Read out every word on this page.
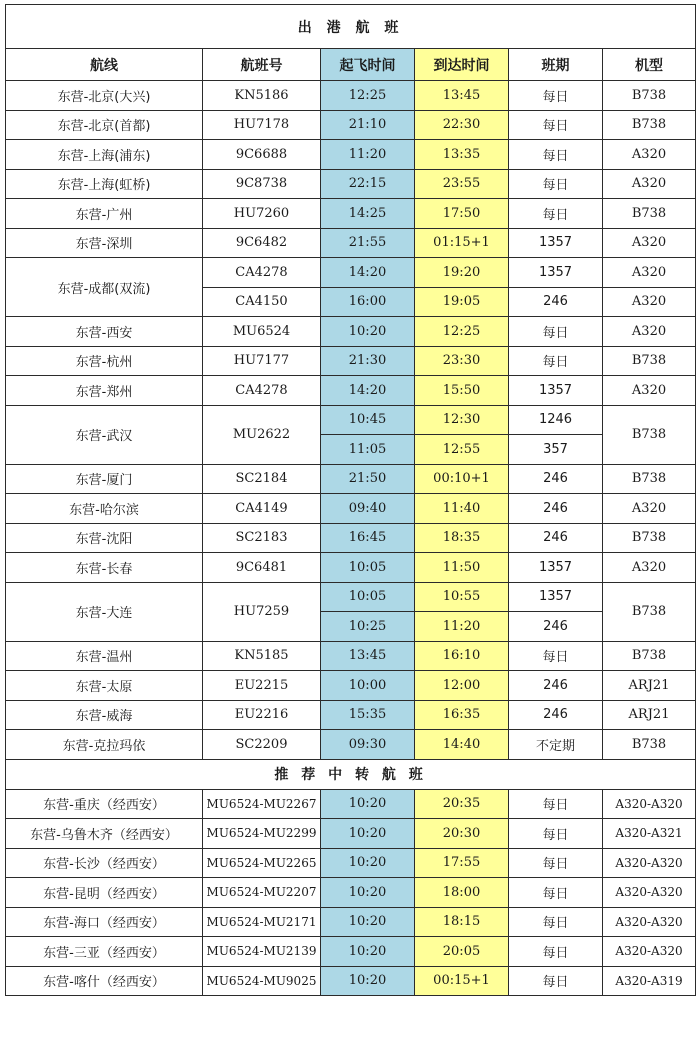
出 港 航 班					
航线	航班号	起飞时间	到达时间	班期	机型
东营-北京(大兴)	KN5186	12:25	13:45	每日	B738
东营-北京(首都)	HU7178	21:10	22:30	每日	B738
东营-上海(浦东)	9C6688	11:20	13:35	每日	A320
东营-上海(虹桥)	9C8738	22:15	23:55	每日	A320
东营-广州	HU7260	14:25	17:50	每日	B738
东营-深圳	9C6482	21:55	01:15+1	1357	A320
东营-成都(双流)	CA4278	14:20	19:20	1357	A320
	CA4150	16:00	19:05	246	A320
东营-西安	MU6524	10:20	12:25	每日	A320
东营-杭州	HU7177	21:30	23:30	每日	B738
东营-郑州	CA4278	14:20	15:50	1357	A320
东营-武汉	MU2622	10:45	12:30	1246	B738
		11:05	12:55	357	
东营-厦门	SC2184	21:50	00:10+1	246	B738
东营-哈尔滨	CA4149	09:40	11:40	246	A320
东营-沈阳	SC2183	16:45	18:35	246	B738
东营-长春	9C6481	10:05	11:50	1357	A320
东营-大连	HU7259	10:05	10:55	1357	B738
		10:25	11:20	246	
东营-温州	KN5185	13:45	16:10	每日	B738
东营-太原	EU2215	10:00	12:00	246	ARJ21
东营-威海	EU2216	15:35	16:35	246	ARJ21
东营-克拉玛依	SC2209	09:30	14:40	不定期	B738
推 荐 中 转 航 班					
东营-重庆（经西安）	MU6524-MU2267	10:20	20:35	每日	A320-A320
东营-乌鲁木齐（经西安）	MU6524-MU2299	10:20	20:30	每日	A320-A321
东营-长沙（经西安）	MU6524-MU2265	10:20	17:55	每日	A320-A320
东营-昆明（经西安）	MU6524-MU2207	10:20	18:00	每日	A320-A320
东营-海口（经西安）	MU6524-MU2171	10:20	18:15	每日	A320-A320
东营-三亚（经西安）	MU6524-MU2139	10:20	20:05	每日	A320-A320
东营-喀什（经西安）	MU6524-MU9025	10:20	00:15+1	每日	A320-A319
